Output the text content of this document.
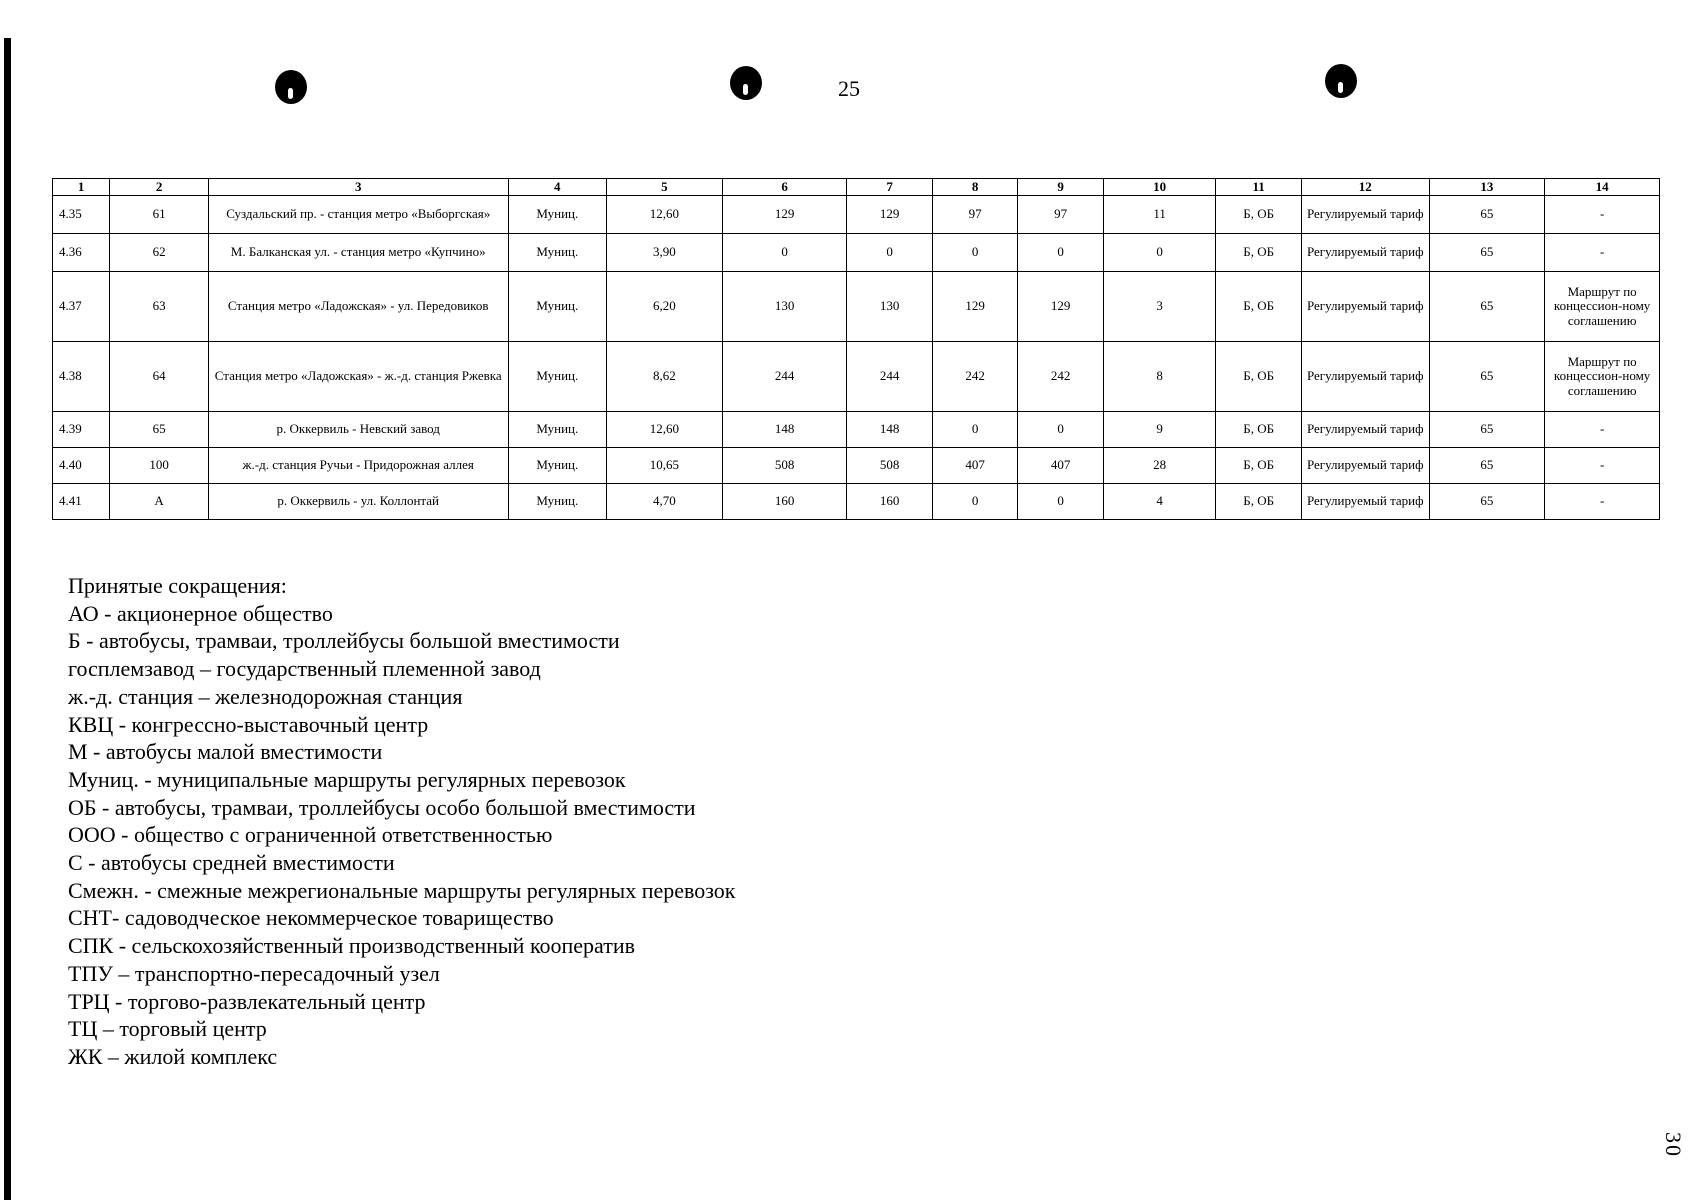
25
30
1	2	3	4	5	6	7	8	9	10	11	12	13	14
4.35	61	Суздальский пр. - станция метро «Выборгская»	Муниц.	12,60	129	129	97	97	11	Б, ОБ	Регулируемый тариф	65	-
4.36	62	М. Балканская ул. - станция метро «Купчино»	Муниц.	3,90	0	0	0	0	0	Б, ОБ	Регулируемый тариф	65	-
4.37	63	Станция метро «Ладожская» - ул. Передовиков	Муниц.	6,20	130	130	129	129	3	Б, ОБ	Регулируемый тариф	65	Маршрут по концессион-ному соглашению
4.38	64	Станция метро «Ладожская» - ж.-д. станция Ржевка	Муниц.	8,62	244	244	242	242	8	Б, ОБ	Регулируемый тариф	65	Маршрут по концессион-ному соглашению
4.39	65	р. Оккервиль - Невский завод	Муниц.	12,60	148	148	0	0	9	Б, ОБ	Регулируемый тариф	65	-
4.40	100	ж.-д. станция Ручьи - Придорожная аллея	Муниц.	10,65	508	508	407	407	28	Б, ОБ	Регулируемый тариф	65	-
4.41	А	р. Оккервиль - ул. Коллонтай	Муниц.	4,70	160	160	0	0	4	Б, ОБ	Регулируемый тариф	65	-
Принятые сокращения:
АО - акционерное общество
Б - автобусы, трамваи, троллейбусы большой вместимости
госплемзавод – государственный племенной завод
ж.-д. станция – железнодорожная станция
КВЦ - конгрессно-выставочный центр
М - автобусы малой вместимости
Муниц. - муниципальные маршруты регулярных перевозок
ОБ - автобусы, трамваи, троллейбусы особо большой вместимости
ООО - общество с ограниченной ответственностью
С - автобусы средней вместимости
Смежн. - смежные межрегиональные маршруты регулярных перевозок
СНТ- садоводческое некоммерческое товарищество
СПК - сельскохозяйственный производственный кооператив
ТПУ – транспортно-пересадочный узел
ТРЦ - торгово-развлекательный центр
ТЦ – торговый центр
ЖК – жилой комплекс
